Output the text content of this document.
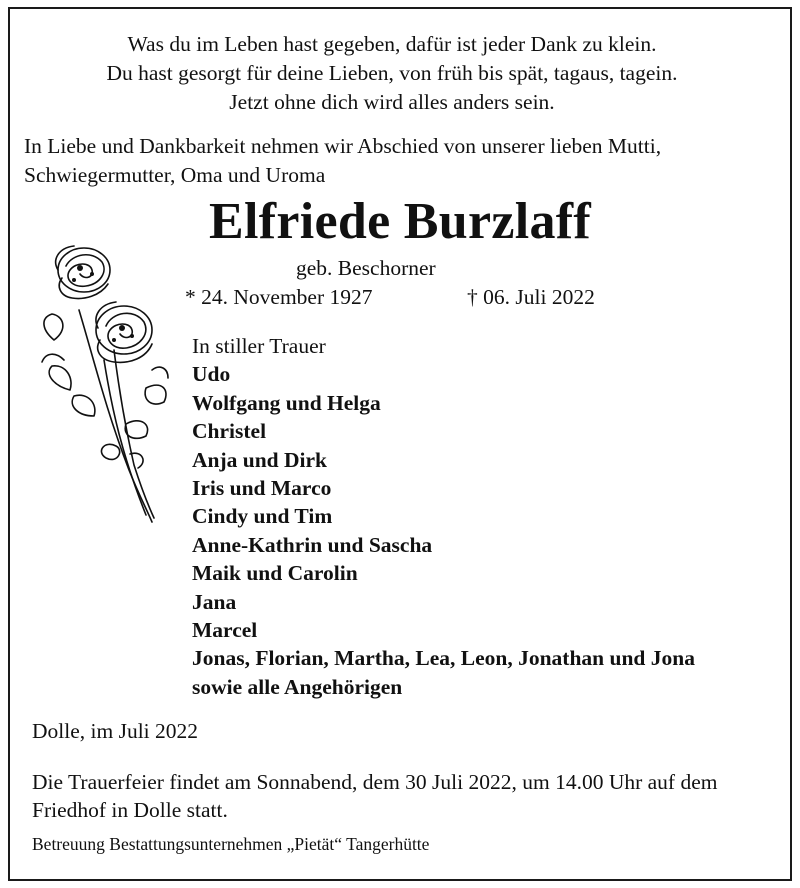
Was du im Leben hast gegeben, dafür ist jeder Dank zu klein.
Du hast gesorgt für deine Lieben, von früh bis spät, tagaus, tagein.
Jetzt ohne dich wird alles anders sein.
In Liebe und Dankbarkeit nehmen wir Abschied von unserer lieben Mutti, Schwiegermutter, Oma und Uroma
Elfriede Burzlaff
geb. Beschorner
* 24. November 1927	† 06. Juli 2022
In stiller Trauer
Udo
Wolfgang und Helga
Christel
Anja und Dirk
Iris und Marco
Cindy und Tim
Anne-Kathrin und Sascha
Maik und Carolin
Jana
Marcel
Jonas, Florian, Martha, Lea, Leon, Jonathan und Jona
sowie alle Angehörigen
Dolle, im Juli 2022
Die Trauerfeier findet am Sonnabend, dem 30 Juli 2022, um 14.00 Uhr auf dem Friedhof in Dolle statt.
Betreuung Bestattungsunternehmen „Pietät“ Tangerhütte
